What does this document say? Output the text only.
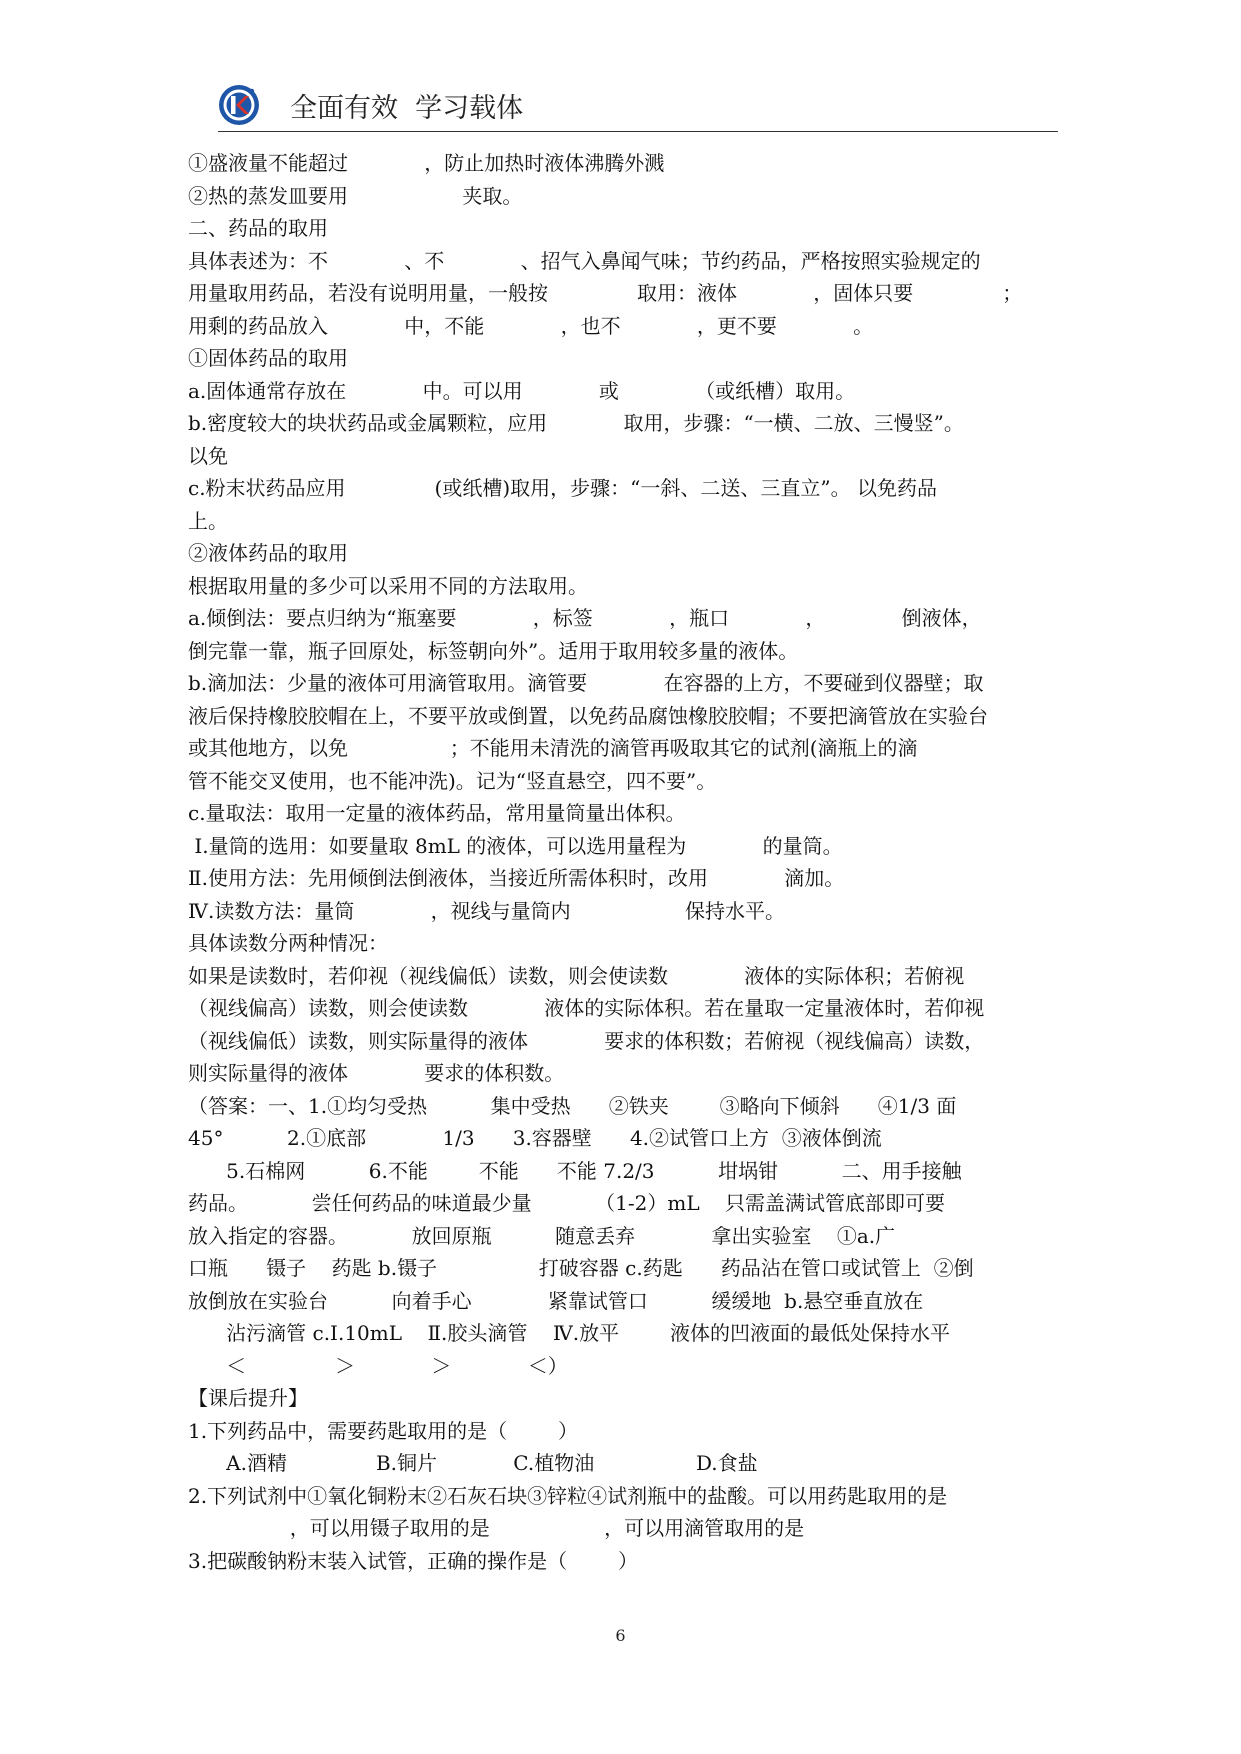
全面有效  学习载体
①盛液量不能超过            ，防止加热时液体沸腾外溅
②热的蒸发皿要用                  夹取。
二、药品的取用
具体表述为：不            、不            、招气入鼻闻气味；节约药品，严格按照实验规定的
用量取用药品，若没有说明用量，一般按              取用：液体            ，固体只要              ；
用剩的药品放入            中，不能            ，也不            ，更不要            。
①固体药品的取用
a.固体通常存放在            中。可以用            或            （或纸槽）取用。
b.密度较大的块状药品或金属颗粒，应用            取用，步骤：“一横、二放、三慢竖”。
以免
c.粉末状药品应用              (或纸槽)取用，步骤：“一斜、二送、三直立”。 以免药品
上。
②液体药品的取用
根据取用量的多少可以采用不同的方法取用。
a.倾倒法：要点归纳为“瓶塞要            ，标签            ，瓶口            ，            倒液体，
倒完靠一靠，瓶子回原处，标签朝向外”。适用于取用较多量的液体。
b.滴加法：少量的液体可用滴管取用。滴管要            在容器的上方，不要碰到仪器壁；取
液后保持橡胶胶帽在上，不要平放或倒置，以免药品腐蚀橡胶胶帽；不要把滴管放在实验台
或其他地方，以免                ；不能用未清洗的滴管再吸取其它的试剂(滴瓶上的滴
管不能交叉使用，也不能冲洗)。记为“竖直悬空，四不要”。
c.量取法：取用一定量的液体药品，常用量筒量出体积。
Ⅰ.量筒的选用：如要量取 8mL 的液体，可以选用量程为            的量筒。
Ⅱ.使用方法：先用倾倒法倒液体，当接近所需体积时，改用            滴加。
Ⅳ.读数方法：量筒            ，视线与量筒内                  保持水平。
具体读数分两种情况：
如果是读数时，若仰视（视线偏低）读数，则会使读数            液体的实际体积；若俯视
（视线偏高）读数，则会使读数            液体的实际体积。若在量取一定量液体时，若仰视
（视线偏低）读数，则实际量得的液体            要求的体积数；若俯视（视线偏高）读数，
则实际量得的液体            要求的体积数。
（答案：一、1.①均匀受热          集中受热      ②铁夹        ③略向下倾斜      ④1/3 面
45°          2.①底部            1/3      3.容器壁      4.②试管口上方  ③液体倒流
5.石棉网          6.不能        不能      不能 7.2/3          坩埚钳          二、用手接触
药品。          尝任何药品的味道最少量          （1-2）mL    只需盖满试管底部即可要
放入指定的容器。          放回原瓶          随意丢弃            拿出实验室    ①a.广
口瓶      镊子    药匙 b.镊子                打破容器 c.药匙      药品沾在管口或试管上  ②倒
放倒放在实验台          向着手心            紧靠试管口          缓缓地  b.悬空垂直放在
沾污滴管 c.Ⅰ.10mL    Ⅱ.胶头滴管    Ⅳ.放平        液体的凹液面的最低处保持水平
＜              ＞            ＞            ＜）
【课后提升】
1.下列药品中，需要药匙取用的是（        ）
A.酒精              B.铜片            C.植物油                D.食盐
2.下列试剂中①氧化铜粉末②石灰石块③锌粒④试剂瓶中的盐酸。可以用药匙取用的是
，可以用镊子取用的是                  ，可以用滴管取用的是
3.把碳酸钠粉末装入试管，正确的操作是（        ）
6
